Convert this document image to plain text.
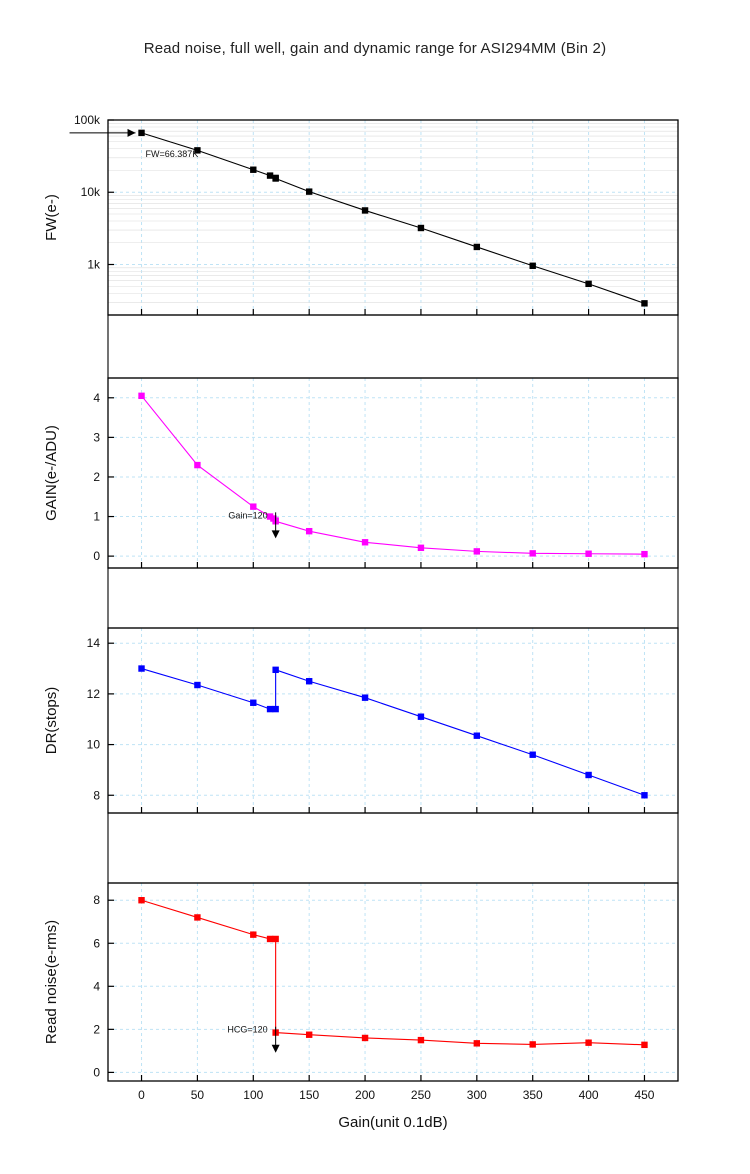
Read noise, full well, gain and dynamic range for ASI294MM (Bin 2)
1k
10k
100k
FW(e-)
FW=66.387K
0
1
2
3
4
GAIN(e-/ADU)	Gain=120
8
10
12
14
DR(stops)
0
2
4
6
8
0	50	100	150	200	250	300	350	400	450
Gain(unit 0.1dB)
Read noise(e-rms)	HCG=120
